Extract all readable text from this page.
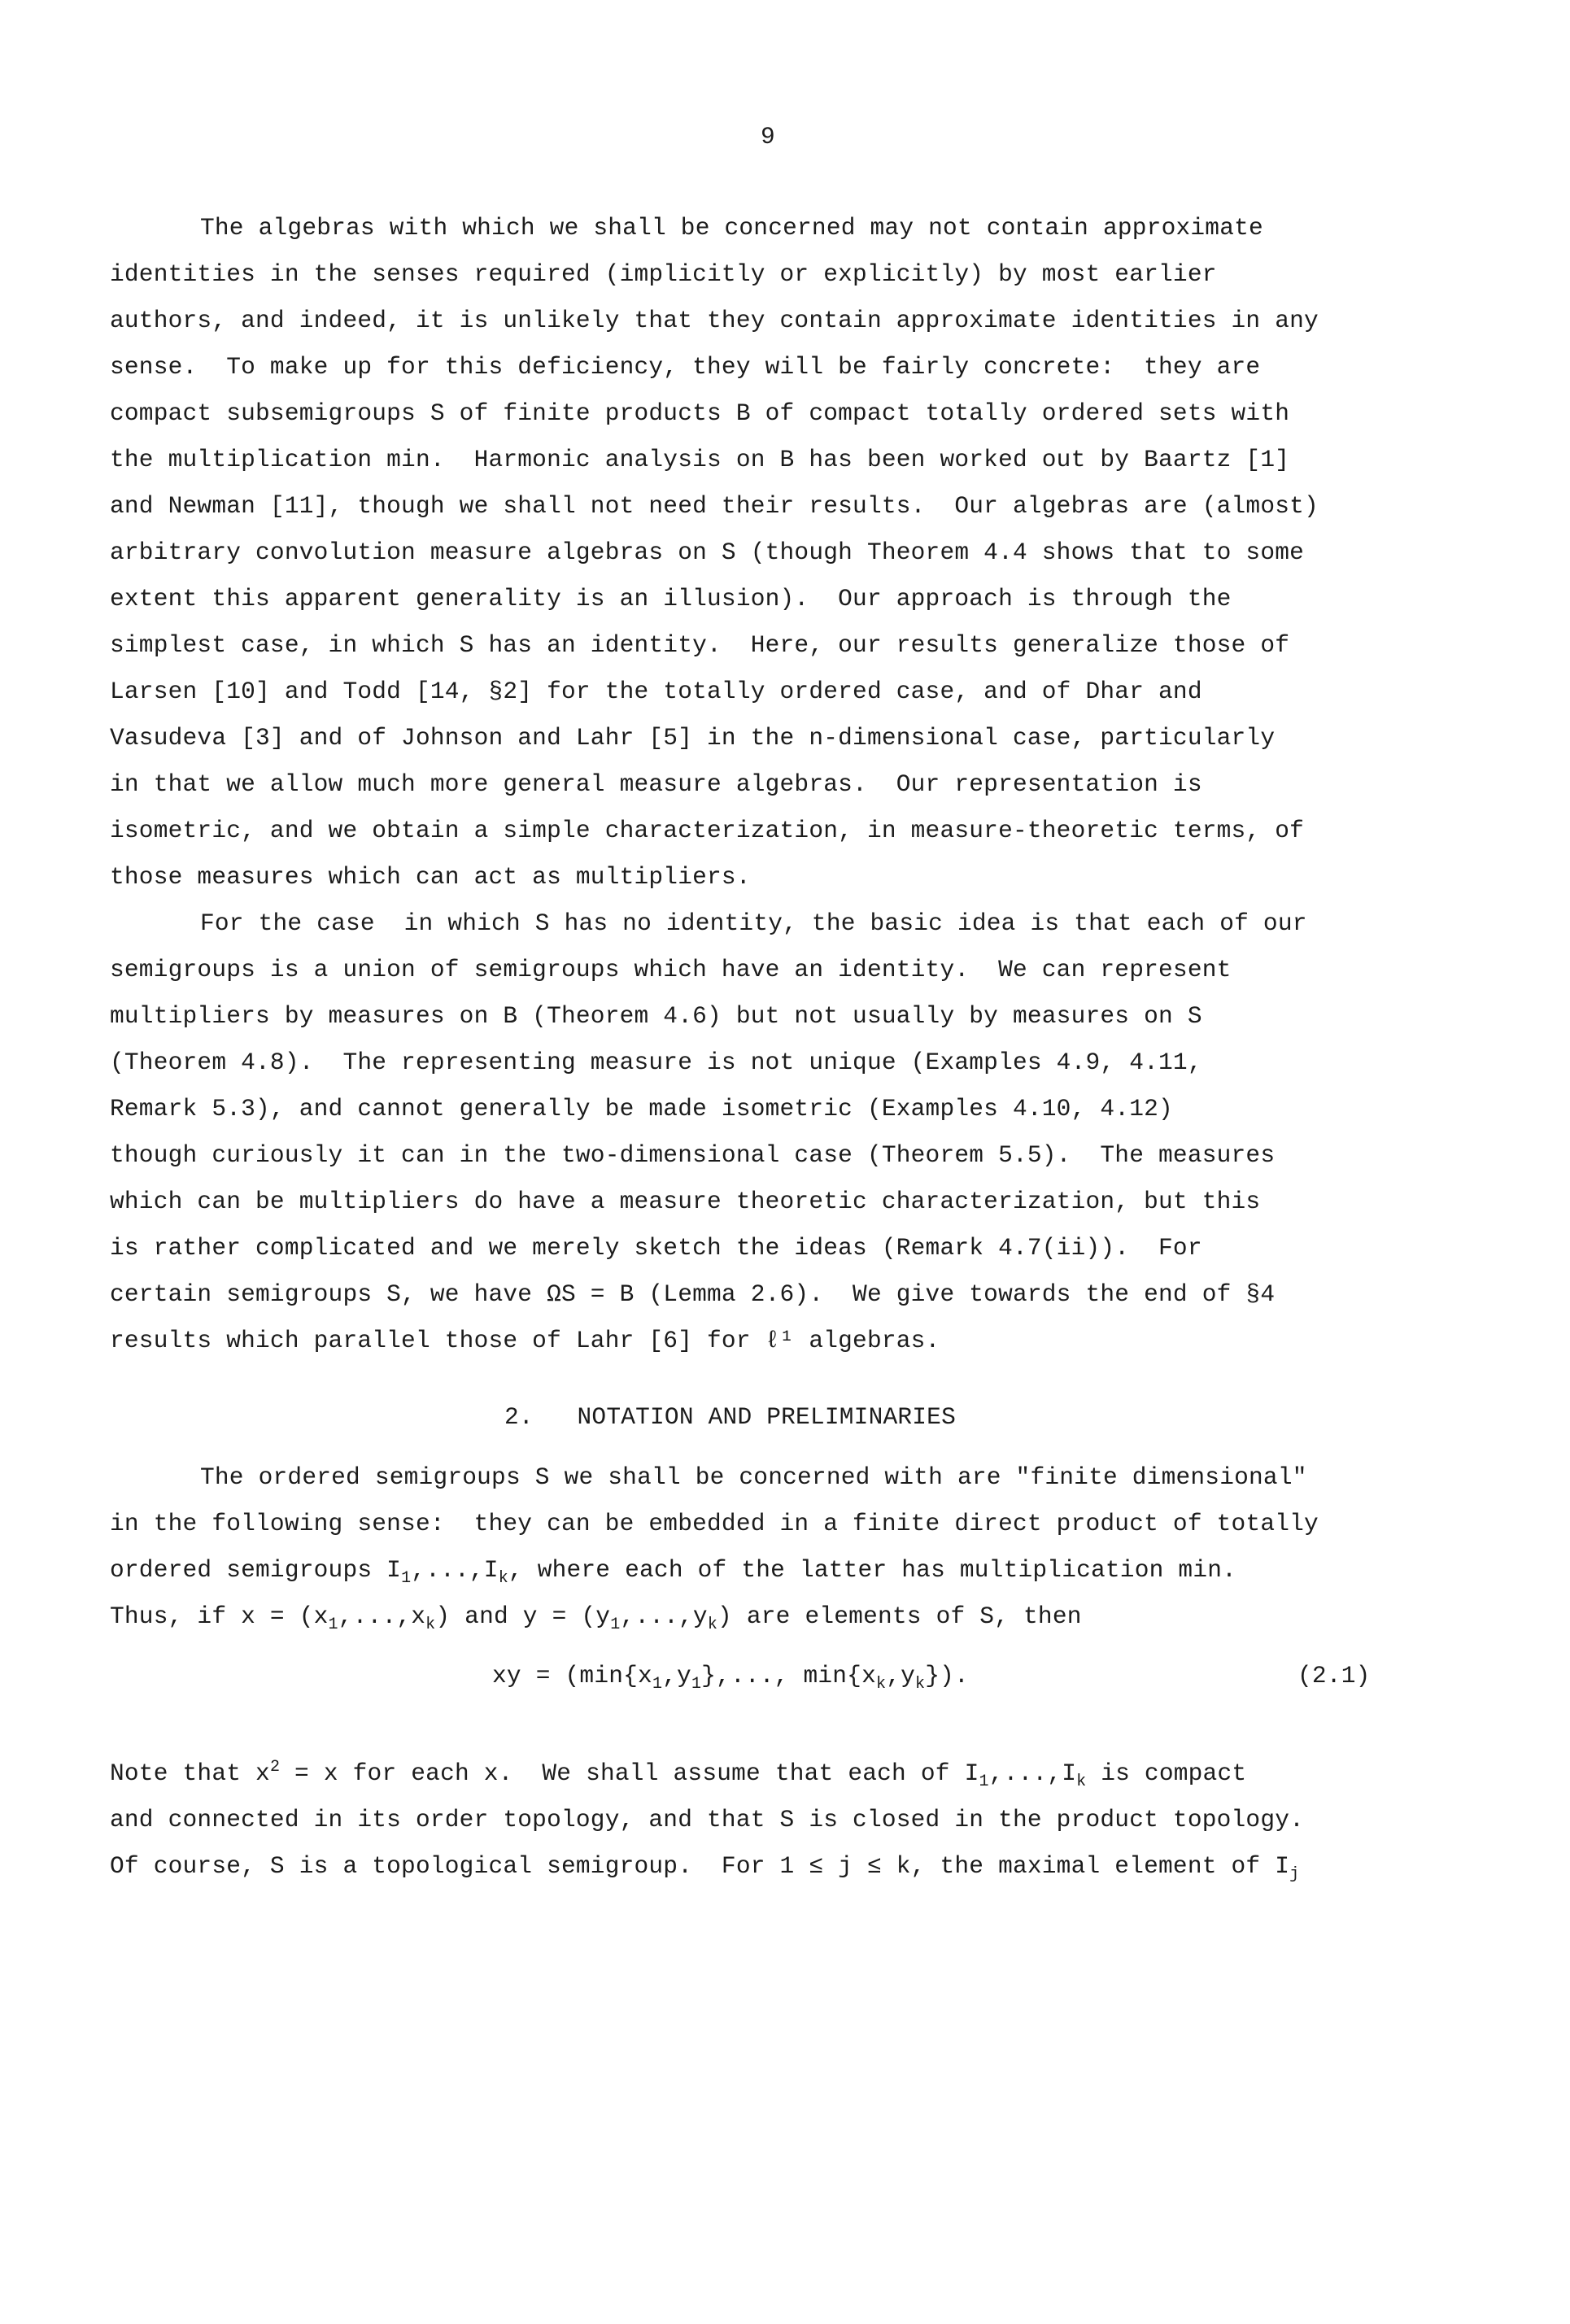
9
The algebras with which we shall be concerned may not contain approximate
identities in the senses required (implicitly or explicitly) by most earlier
authors, and indeed, it is unlikely that they contain approximate identities in any
sense.  To make up for this deficiency, they will be fairly concrete:  they are
compact subsemigroups S of finite products B of compact totally ordered sets with
the multiplication min.  Harmonic analysis on B has been worked out by Baartz [1]
and Newman [11], though we shall not need their results.  Our algebras are (almost)
arbitrary convolution measure algebras on S (though Theorem 4.4 shows that to some
extent this apparent generality is an illusion).  Our approach is through the
simplest case, in which S has an identity.  Here, our results generalize those of
Larsen [10] and Todd [14, §2] for the totally ordered case, and of Dhar and
Vasudeva [3] and of Johnson and Lahr [5] in the n-dimensional case, particularly
in that we allow much more general measure algebras.  Our representation is
isometric, and we obtain a simple characterization, in measure-theoretic terms, of
those measures which can act as multipliers.
For the case  in which S has no identity, the basic idea is that each of our
semigroups is a union of semigroups which have an identity.  We can represent
multipliers by measures on B (Theorem 4.6) but not usually by measures on S
(Theorem 4.8).  The representing measure is not unique (Examples 4.9, 4.11,
Remark 5.3), and cannot generally be made isometric (Examples 4.10, 4.12)
though curiously it can in the two-dimensional case (Theorem 5.5).  The measures
which can be multipliers do have a measure theoretic characterization, but this
is rather complicated and we merely sketch the ideas (Remark 4.7(ii)).  For
certain semigroups S, we have ΩS = B (Lemma 2.6).  We give towards the end of §4
results which parallel those of Lahr [6] for ℓ¹ algebras.
2.   NOTATION AND PRELIMINARIES
The ordered semigroups S we shall be concerned with are "finite dimensional"
in the following sense:  they can be embedded in a finite direct product of totally
ordered semigroups $I_1,...,I_k$, where each of the latter has multiplication min.
Thus, if $x = (x_1,...,x_k)$ and $y = (y_1,...,y_k)$ are elements of S, then
xy = ($\min\{x_1,y_1\}$,..., $\min\{x_k,y_k\}$).	(2.1)
Note that $x^2 = x$ for each x.  We shall assume that each of $I_1,...,I_k$ is compact
and connected in its order topology, and that S is closed in the product topology.
Of course, S is a topological semigroup.  For 1 ≤ j ≤ k, the maximal element of $I_j$
